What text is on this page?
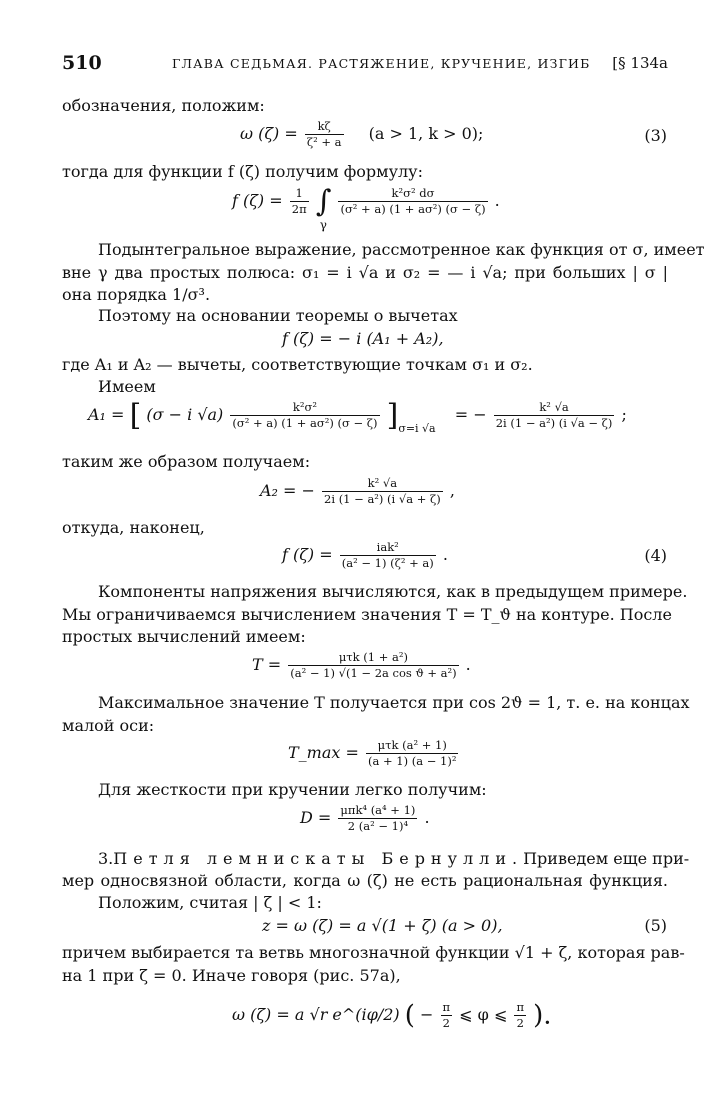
510	ГЛАВА СЕДЬМАЯ. РАСТЯЖЕНИЕ, КРУЧЕНИЕ, ИЗГИБ [§ 134а
обозначения, положим:
ω $(\zeta) = \frac{k\zeta}{\text{ζ² + a}} (a > 1$, k > 0);	(3)
тогда для функции f (ζ) получим формулу:
f $(\zeta) = \frac{1}{2\pi}$ ∫
γ

$\frac{\text{k²σ² dσ}}{\text{(σ² + a) (1 + aσ²) (σ − ζ)}}$ .
Подынтегральное выражение, рассмотренное как функция от σ, имеет
вне γ два простых полюса: σ₁ = i √a и σ₂ = — i √a; при больших | σ |
она порядка 1/σ³.
Поэтому на основании теоремы о вычетах
f (ζ) = − i (A₁ + A₂),
где A₁ и A₂ — вычеты, соответствующие точкам σ₁ и σ₂.
Имеем
A₁ = [ (σ − i $√a) \frac{\text{k²σ²}}{\text{(σ² + a) (1 + aσ²) (σ − ζ)}} ]_{\sigma=i √a}$ = − $\frac{\text{k² √a}}{\text{2i (1 − a²) (i √a − ζ)}}$ ;
таким же образом получаем:
A₂ = − $\frac{\text{k² √a}}{\text{2i (1 − a²) (i √a + ζ)}}$ ,
откуда, наконец,
f $(\zeta) = \frac{\text{iak²}}{\text{(a² − 1) (ζ² + a)}}$ .	(4)
Компоненты напряжения вычисляются, как в предыдущем примере.
Мы ограничиваемся вычислением значения T = T_ϑ на контуре. После
простых вычислений имеем:
$T = \frac{\text{μτk (1 + a²)}}{\text{(a² − 1) √(1 − 2a cos ϑ + a²)}}$ .
Максимальное значение T получается при cos 2ϑ = 1, т. е. на концах
малой оси:
T_max = $\frac{\text{μτk (a² + 1)}}{\text{(a + 1) (a − 1)²}}$
Для жесткости при кручении легко получим:
$D = \frac{\text{μπk⁴ (a⁴ + 1)}}{\text{2 (a² − 1)⁴}}$ .
3. Петля лемнискаты Бернулли. Приведем еще при-
мер односвязной области, когда ω (ζ) не есть рациональная функция.
Положим, считая | ζ | < 1:
z = ω (ζ) = a √(1 + ζ) (a > 0),	(5)
причем выбирается та ветвь многозначной функции √1 + ζ, которая рав-
на 1 при ζ = 0. Иначе говоря (рис. 57а),
ω (ζ) = a √r e^(iφ/2) ( − $\frac{\pi}{2}$ ⩽ φ ⩽ $\frac{\pi}{2}$ ).
